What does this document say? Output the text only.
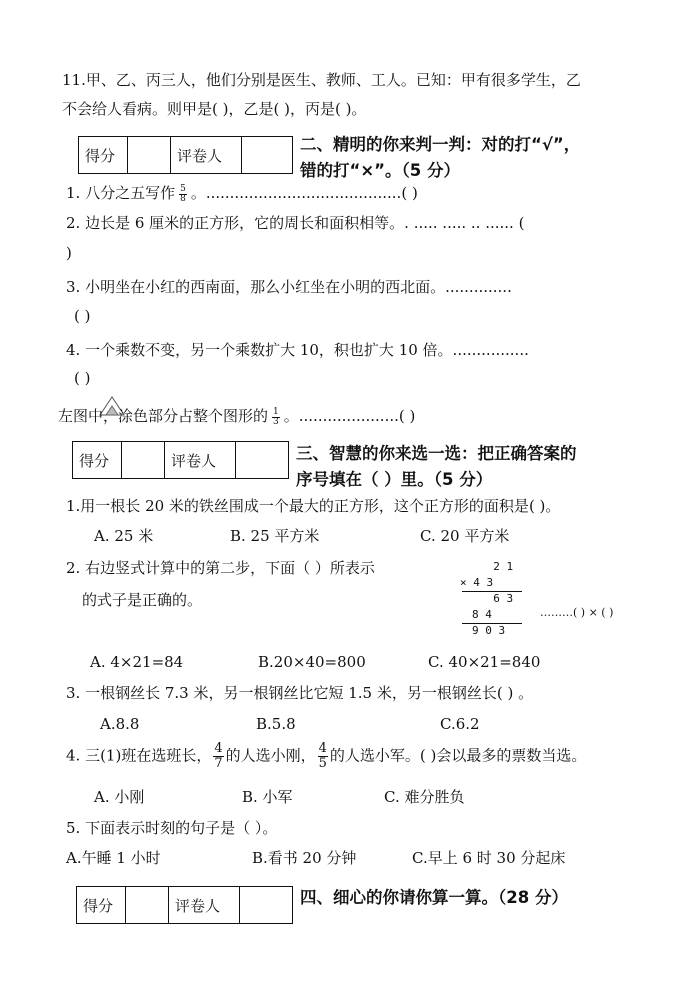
11.甲、乙、丙三人，他们分别是医生、教师、工人。已知：甲有很多学生，乙
不会给人看病。则甲是( )，乙是( )，丙是( )。
得分		评卷人	
二、精明的你来判一判：对的打“√”，
错的打“×”。（5 分）
1. 八分之五写作 $\frac{5}{8}$ 。.........................................( )
2. 边长是 6 厘米的正方形，它的周长和面积相等。. ..... ..... .. ...... (
)
3. 小明坐在小红的西南面，那么小红坐在小明的西北面。..............
( )
4. 一个乘数不变，另一个乘数扩大 10，积也扩大 10 倍。................
( )
左图中，涂色部分占整个图形的 $\frac{1}{3}$ 。.....................( )
得分		评卷人		三、智慧的你来选一选：把正确答案的
序号填在（ ）里。（5 分）
1.用一根长 20 米的铁丝围成一个最大的正方形，这个正方形的面积是( )。
A. 25 米	B. 25 平方米	C. 20 平方米
2. 右边竖式计算中的第二步，下面（ ）所表示
的式子是正确的。
2 1
× 4 3
6 3
8 4
9 0 3
………( ) × ( )
A. 4×21=84	B.20×40=800	C. 40×21=840
3. 一根钢丝长 7.3 米，另一根钢丝比它短 1.5 米，另一根钢丝长( ) 。
A.8.8	B.5.8	C.6.2
4. 三(1)班在选班长， $\frac{4}{7}$ 的人选小刚， $\frac{4}{5}$ 的人选小军。( )会以最多的票数当选。
A. 小刚	B. 小军	C. 难分胜负
5. 下面表示时刻的句子是（ ）。
A.午睡 1 小时	B.看书 20 分钟	C.早上 6 时 30 分起床
得分		评卷人		四、细心的你请你算一算。（28 分）
